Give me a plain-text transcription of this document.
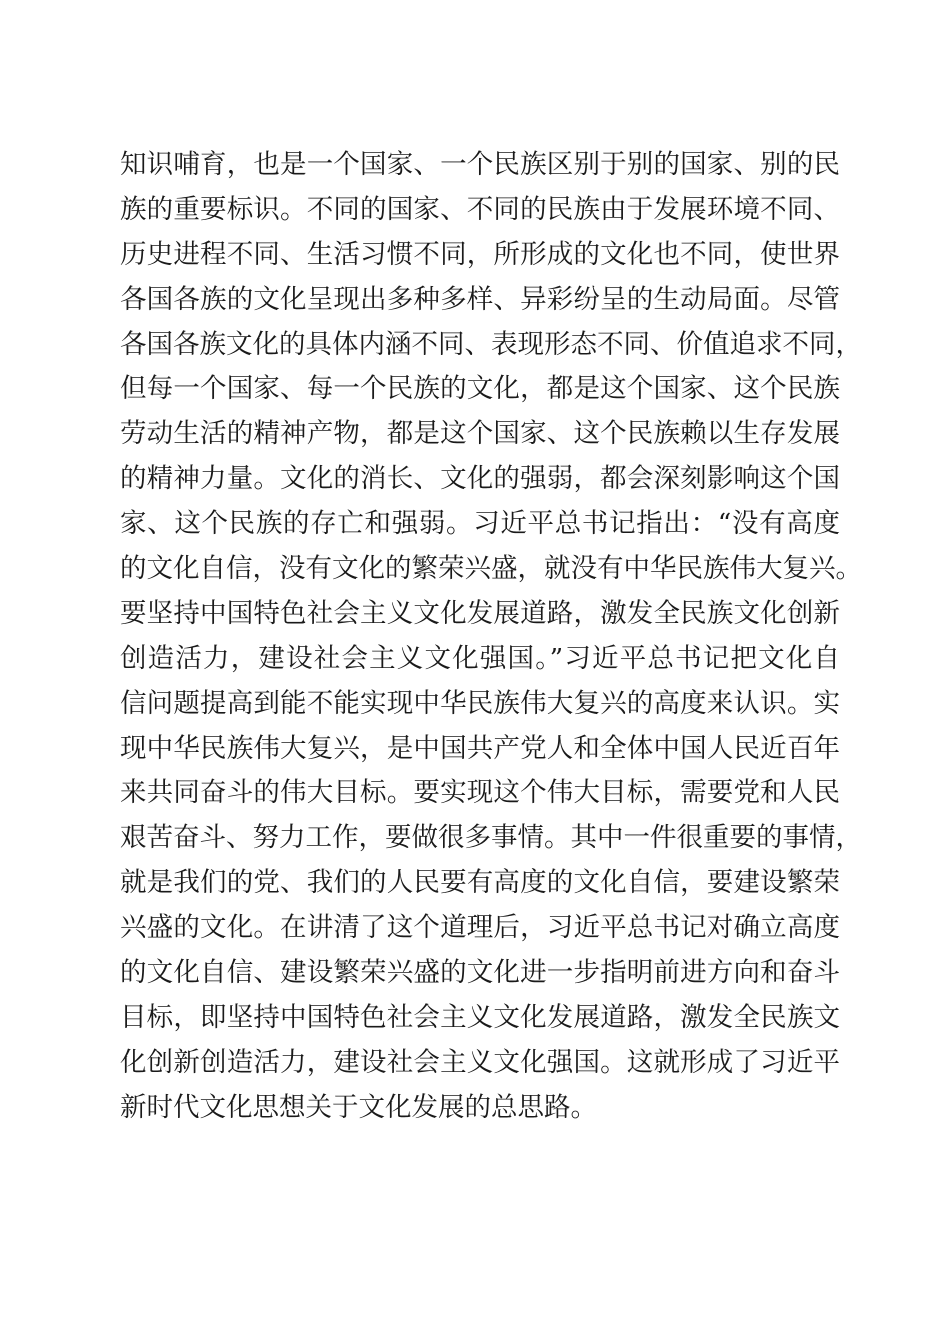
知识哺育，也是一个国家、一个民族区别于别的国家、别的民
族的重要标识。不同的国家、不同的民族由于发展环境不同、
历史进程不同、生活习惯不同，所形成的文化也不同，使世界
各国各族的文化呈现出多种多样、异彩纷呈的生动局面。尽管
各国各族文化的具体内涵不同、表现形态不同、价值追求不同，
但每一个国家、每一个民族的文化，都是这个国家、这个民族
劳动生活的精神产物，都是这个国家、这个民族赖以生存发展
的精神力量。文化的消长、文化的强弱，都会深刻影响这个国
家、这个民族的存亡和强弱。习近平总书记指出：“没有高度
的文化自信，没有文化的繁荣兴盛，就没有中华民族伟大复兴。
要坚持中国特色社会主义文化发展道路，激发全民族文化创新
创造活力，建设社会主义文化强国。”习近平总书记把文化自
信问题提高到能不能实现中华民族伟大复兴的高度来认识。实
现中华民族伟大复兴，是中国共产党人和全体中国人民近百年
来共同奋斗的伟大目标。要实现这个伟大目标，需要党和人民
艰苦奋斗、努力工作，要做很多事情。其中一件很重要的事情，
就是我们的党、我们的人民要有高度的文化自信，要建设繁荣
兴盛的文化。在讲清了这个道理后，习近平总书记对确立高度
的文化自信、建设繁荣兴盛的文化进一步指明前进方向和奋斗
目标，即坚持中国特色社会主义文化发展道路，激发全民族文
化创新创造活力，建设社会主义文化强国。这就形成了习近平
新时代文化思想关于文化发展的总思路。
